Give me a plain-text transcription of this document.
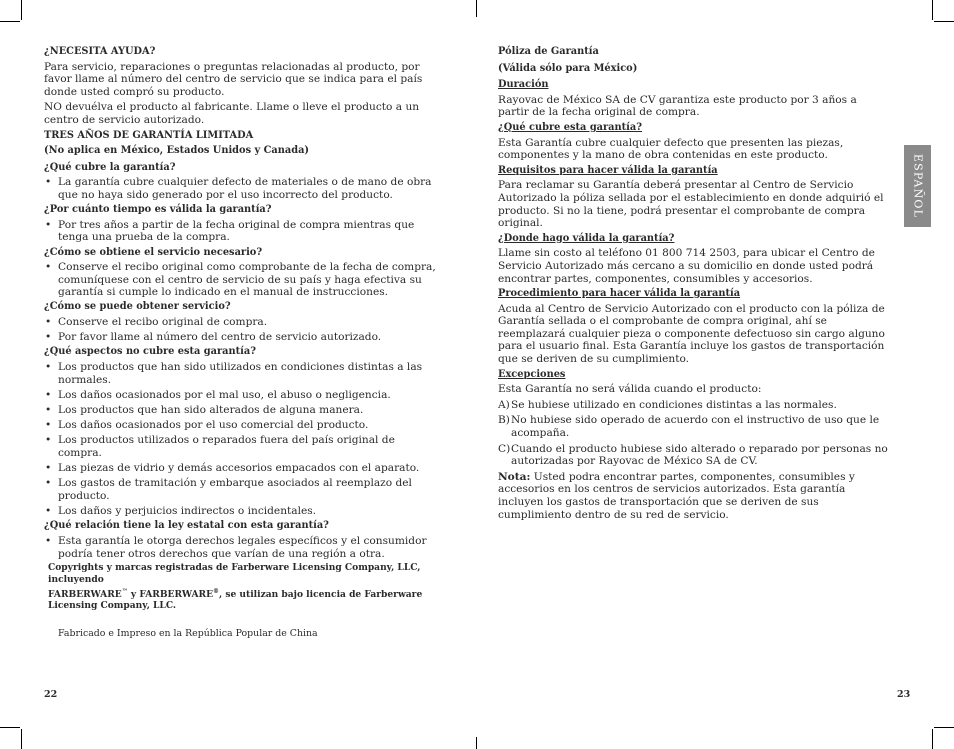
¿NECESITA AYUDA?
Para servicio, reparaciones o preguntas relacionadas al producto, por favor llame al número del centro de servicio que se indica para el país donde usted compró su producto.
NO devuélva el producto al fabricante. Llame o lleve el producto a un centro de servicio autorizado.
TRES AÑOS DE GARANTÍA LIMITADA
(No aplica en México, Estados Unidos y Canada)
¿Qué cubre la garantía?
• La garantía cubre cualquier defecto de materiales o de mano de obra que no haya sido generado por el uso incorrecto del producto.
¿Por cuánto tiempo es válida la garantía?
• Por tres años a partir de la fecha original de compra mientras que tenga una prueba de la compra.
¿Cómo se obtiene el servicio necesario?
• Conserve el recibo original como comprobante de la fecha de compra, comuníquese con el centro de servicio de su país y haga efectiva su garantía si cumple lo indicado en el manual de instrucciones.
¿Cómo se puede obtener servicio?
• Conserve el recibo original de compra.
• Por favor llame al número del centro de servicio autorizado.
¿Qué aspectos no cubre esta garantía?
• Los productos que han sido utilizados en condiciones distintas a las normales.
• Los daños ocasionados por el mal uso, el abuso o negligencia.
• Los productos que han sido alterados de alguna manera.
• Los daños ocasionados por el uso comercial del producto.
• Los productos utilizados o reparados fuera del país original de compra.
• Las piezas de vidrio y demás accesorios empacados con el aparato.
• Los gastos de tramitación y embarque asociados al reemplazo del producto.
• Los daños y perjuicios indirectos o incidentales.
¿Qué relación tiene la ley estatal con esta garantía?
• Esta garantía le otorga derechos legales específicos y el consumidor podría tener otros derechos que varían de una región a otra.
Copyrights y marcas registradas de Farberware Licensing Company, LLC, incluyendo
FARBERWARE™ y FARBERWARE®, se utilizan bajo licencia de Farberware Licensing Company, LLC.
Fabricado e Impreso en la República Popular de China
22
Póliza de Garantía
(Válida sólo para México)
Duración
Rayovac de México SA de CV garantiza este producto por 3 años a partir de la fecha original de compra.
¿Qué cubre esta garantía?
Esta Garantía cubre cualquier defecto que presenten las piezas, componentes y la mano de obra contenidas en este producto.
Requisitos para hacer válida la garantía
Para reclamar su Garantía deberá presentar al Centro de Servicio Autorizado la póliza sellada por el establecimiento en donde adquirió el producto. Si no la tiene, podrá presentar el comprobante de compra original.
¿Donde hago válida la garantía?
Llame sin costo al teléfono 01 800 714 2503, para ubicar el Centro de Servicio Autorizado más cercano a su domicilio en donde usted podrá encontrar partes, componentes, consumibles y accesorios.
Procedimiento para hacer válida la garantía
Acuda al Centro de Servicio Autorizado con el producto con la póliza de Garantía sellada o el comprobante de compra original, ahí se reemplazará cualquier pieza o componente defectuoso sin cargo alguno para el usuario final. Esta Garantía incluye los gastos de transportación que se deriven de su cumplimiento.
Excepciones
Esta Garantía no será válida cuando el producto:
A) Se hubiese utilizado en condiciones distintas a las normales.
B) No hubiese sido operado de acuerdo con el instructivo de uso que le acompaña.
C) Cuando el producto hubiese sido alterado o reparado por personas no autorizadas por Rayovac de México SA de CV.
Nota: Usted podra encontrar partes, componentes, consumibles y accesorios en los centros de servicios autorizados. Esta garantía incluyen los gastos de transportación que se deriven de sus cumplimiento dentro de su red de servicio.
ESPAÑOL
23
